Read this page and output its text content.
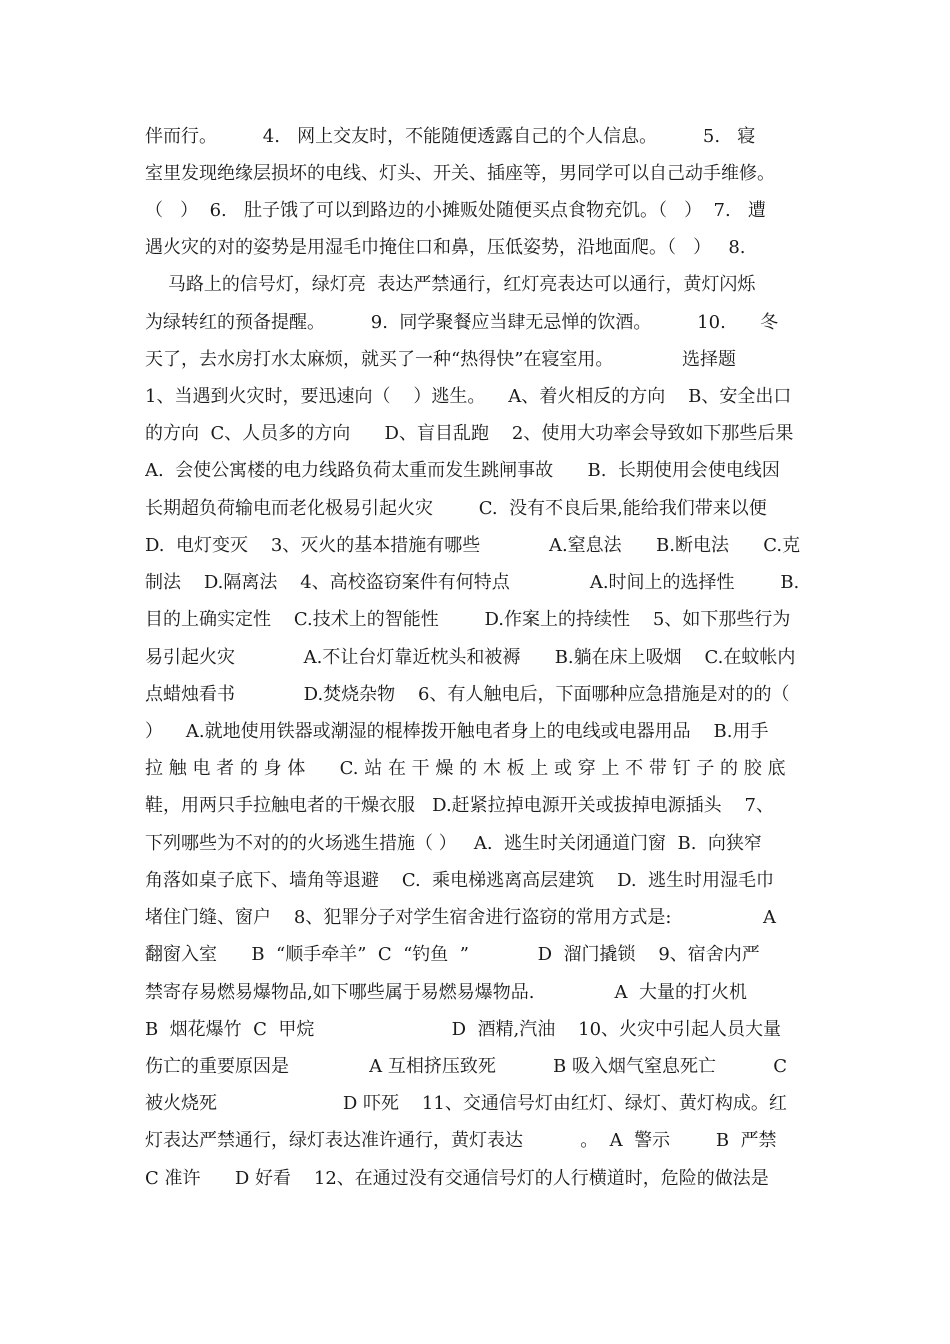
伴而行。        4.   网上交友时，不能随便透露自己的个人信息。        5.   寝
室里发现绝缘层损坏的电线、灯头、开关、插座等，男同学可以自己动手维修。
（   ）  6.   肚子饿了可以到路边的小摊贩处随便买点食物充饥。（   ）  7.   遭
遇火灾的对的姿势是用湿毛巾掩住口和鼻，压低姿势，沿地面爬。（   ）   8.
马路上的信号灯，绿灯亮  表达严禁通行，红灯亮表达可以通行，黄灯闪烁
为绿转红的预备提醒。        9.  同学聚餐应当肆无忌惮的饮酒。        10.      冬
天了，去水房打水太麻烦，就买了一种“热得快”在寝室用。            选择题
1、当遇到火灾时，要迅速向（    ）逃生。    A、着火相反的方向    B、安全出口
的方向  C、人员多的方向      D、盲目乱跑    2、使用大功率会导致如下那些后果
A.  会使公寓楼的电力线路负荷太重而发生跳闸事故      B.  长期使用会使电线因
长期超负荷输电而老化极易引起火灾        C.  没有不良后果,能给我们带来以便
D.  电灯变灭    3、灭火的基本措施有哪些            A.窒息法      B.断电法      C.克
制法    D.隔离法    4、高校盗窃案件有何特点              A.时间上的选择性        B.
目的上确实定性    C.技术上的智能性        D.作案上的持续性    5、如下那些行为
易引起火灾            A.不让台灯靠近枕头和被褥      B.躺在床上吸烟    C.在蚊帐内
点蜡烛看书            D.焚烧杂物    6、有人触电后，下面哪种应急措施是对的的（
）    A.就地使用铁器或潮湿的棍棒拨开触电者身上的电线或电器用品    B.用手
拉 触 电 者 的 身 体      C. 站 在 干 燥 的 木 板 上 或 穿 上 不 带 钉 子 的 胶 底
鞋，用两只手拉触电者的干燥衣服   D.赶紧拉掉电源开关或拔掉电源插头    7、
下列哪些为不对的的火场逃生措施（ ）   A.  逃生时关闭通道门窗  B.  向狭窄
角落如桌子底下、墙角等退避    C.  乘电梯逃离高层建筑    D.  逃生时用湿毛巾
堵住门缝、窗户    8、犯罪分子对学生宿舍进行盗窃的常用方式是:                A
翻窗入室      B  “顺手牵羊”  C  “钓鱼  ”            D  溜门撬锁    9、宿舍内严
禁寄存易燃易爆物品,如下哪些属于易燃易爆物品.              A  大量的打火机
B  烟花爆竹  C  甲烷                        D  酒精,汽油    10、火灾中引起人员大量
伤亡的重要原因是              A 互相挤压致死          B 吸入烟气窒息死亡          C
被火烧死                      D 吓死    11、交通信号灯由红灯、绿灯、黄灯构成。红
灯表达严禁通行，绿灯表达准许通行，黄灯表达          。  A  警示        B  严禁
C 准许      D 好看    12、在通过没有交通信号灯的人行横道时，危险的做法是
